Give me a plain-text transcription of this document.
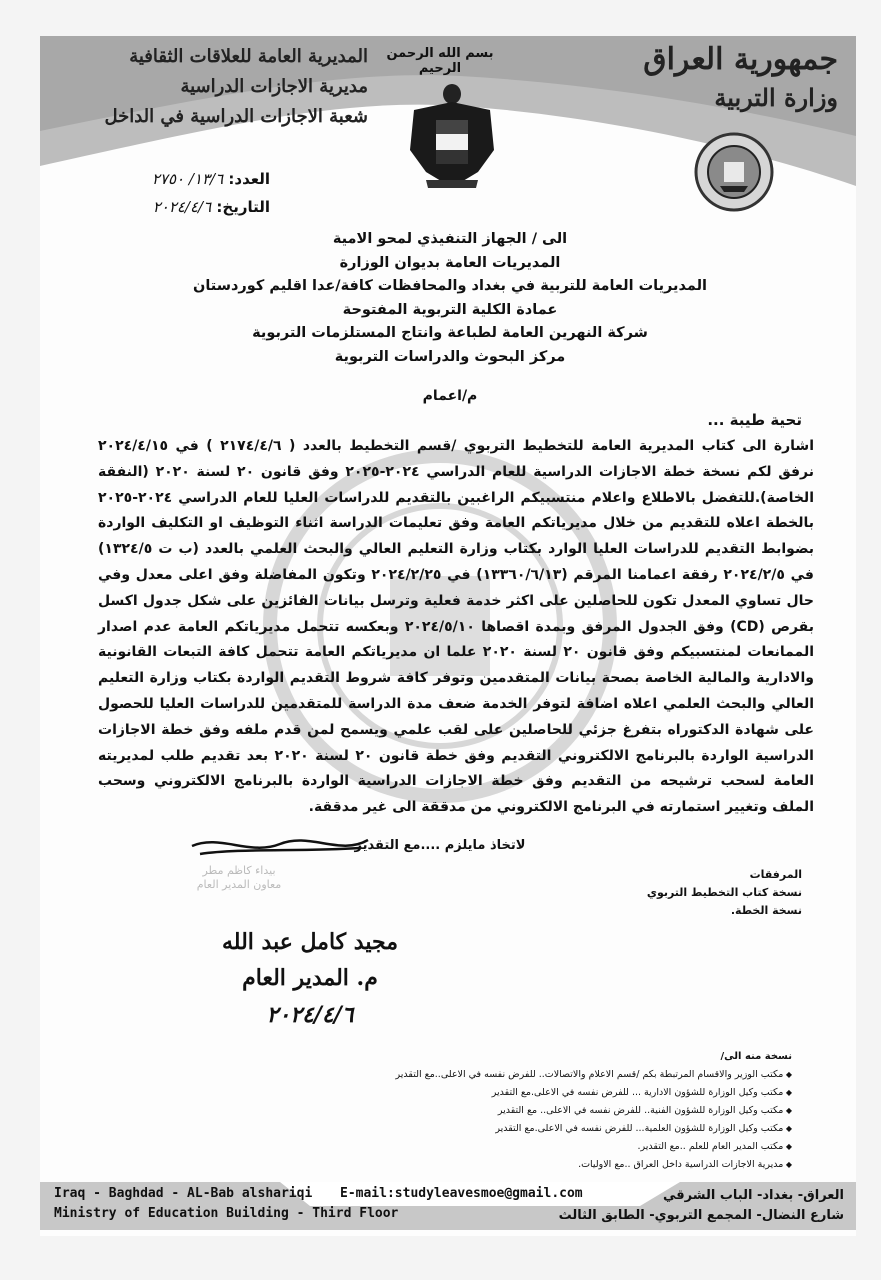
بسم الله الرحمن الرحيم	جمهورية العراق
وزارة التربية
المديرية العامة للعلاقات الثقافية
مديرية الاجازات الدراسية
شعبة الاجازات الدراسية في الداخل
العدد: ١٣/٦/ ٢٧٥٠
التاريخ: ٢٠٢٤/٤/٦
الى / الجهاز التنفيذي لمحو الامية
المديريات العامة بديوان الوزارة
المديريات العامة للتربية في بغداد والمحافظات كافة/عدا اقليم كوردستان
عمادة الكلية التربوية المفتوحة
شركة النهرين العامة لطباعة وانتاج المستلزمات التربوية
مركز البحوث والدراسات التربوية
م/اعمام
تحية طيبة ...
اشارة الى كتاب المديرية العامة للتخطيط التربوي /قسم التخطيط بالعدد ( ٢١٧٤/٤/٦ ) في ٢٠٢٤/٤/١٥ نرفق لكم نسخة خطة الاجازات الدراسية للعام الدراسي ٢٠٢٤-٢٠٢٥ وفق قانون ٢٠ لسنة ٢٠٢٠ (النفقة الخاصة).للتفضل بالاطلاع واعلام منتسبيكم الراغبين بالتقديم للدراسات العليا للعام الدراسي ٢٠٢٤-٢٠٢٥ بالخطة اعلاه للتقديم من خلال مديرياتكم العامة وفق تعليمات الدراسة اثناء التوظيف او التكليف الواردة بضوابط التقديم للدراسات العليا الوارد بكتاب وزارة التعليم العالي والبحث العلمي بالعدد (ب ت ١٣٢٤/٥) في ٢٠٢٤/٢/٥ رفقة اعمامنا المرقم (١٣٣٦٠/٦/١٣) في ٢٠٢٤/٢/٢٥ وتكون المفاضلة وفق اعلى معدل وفي حال تساوي المعدل تكون للحاصلين على اكثر خدمة فعلية وترسل بيانات الفائزين على شكل جدول اكسل بقرص (CD) وفق الجدول المرفق وبمدة اقصاها ٢٠٢٤/٥/١٠ وبعكسه تتحمل مديرياتكم العامة عدم اصدار الممانعات لمنتسبيكم وفق قانون ٢٠ لسنة ٢٠٢٠ علما ان مديرياتكم العامة تتحمل كافة التبعات القانونية والادارية والمالية الخاصة بصحة بيانات المتقدمين وتوفر كافة شروط التقديم الواردة بكتاب وزارة التعليم العالي والبحث العلمي اعلاه اضافة لتوفر الخدمة ضعف مدة الدراسة للمتقدمين للدراسات العليا للحصول على شهادة الدكتوراه بتفرغ جزئي للحاصلين على لقب علمي ويسمح لمن قدم ملفه وفق خطة الاجازات الدراسية الواردة بالبرنامج الالكتروني التقديم وفق خطة قانون ٢٠ لسنة ٢٠٢٠ بعد تقديم طلب لمديريته العامة لسحب ترشيحه من التقديم وفق خطة الاجازات الدراسية الواردة بالبرنامج الالكتروني وسحب الملف وتغيير استمارته في البرنامج الالكتروني من مدققة الى غير مدققة.
لاتخاذ مايلزم ....مع التقدير
المرفقات
نسخة كتاب التخطيط التربوي
نسخة الخطة.
بيداء كاظم مطر
معاون المدير العام
مجيد كامل عبد الله
م. المدير العام
٢٠٢٤/٤/٦
نسخة منه الى/
◆ مكتب الوزير والاقسام المرتبطة بكم /قسم الاعلام والاتصالات.. للفرض نفسه في الاعلى..مع التقدير
◆ مكتب وكيل الوزارة للشؤون الادارية ... للفرض نفسه في الاعلى.مع التقدير
◆ مكتب وكيل الوزارة للشؤون الفنية.. للفرض نفسه في الاعلى.. مع التقدير
◆ مكتب وكيل الوزارة للشؤون العلمية... للفرض نفسه في الاعلى.مع التقدير
◆ مكتب المدير العام للعلم ..مع التقدير.
◆ مديرية الاجازات الدراسية داخل العراق ..مع الاوليات.
Iraq - Baghdad - AL-Bab alshariqi
Ministry of Education Building - Third Floor
E-mail:studyleavesmoe@gmail.com	العراق- بغداد- الباب الشرقي
شارع النضال- المجمع التربوي- الطابق الثالث
